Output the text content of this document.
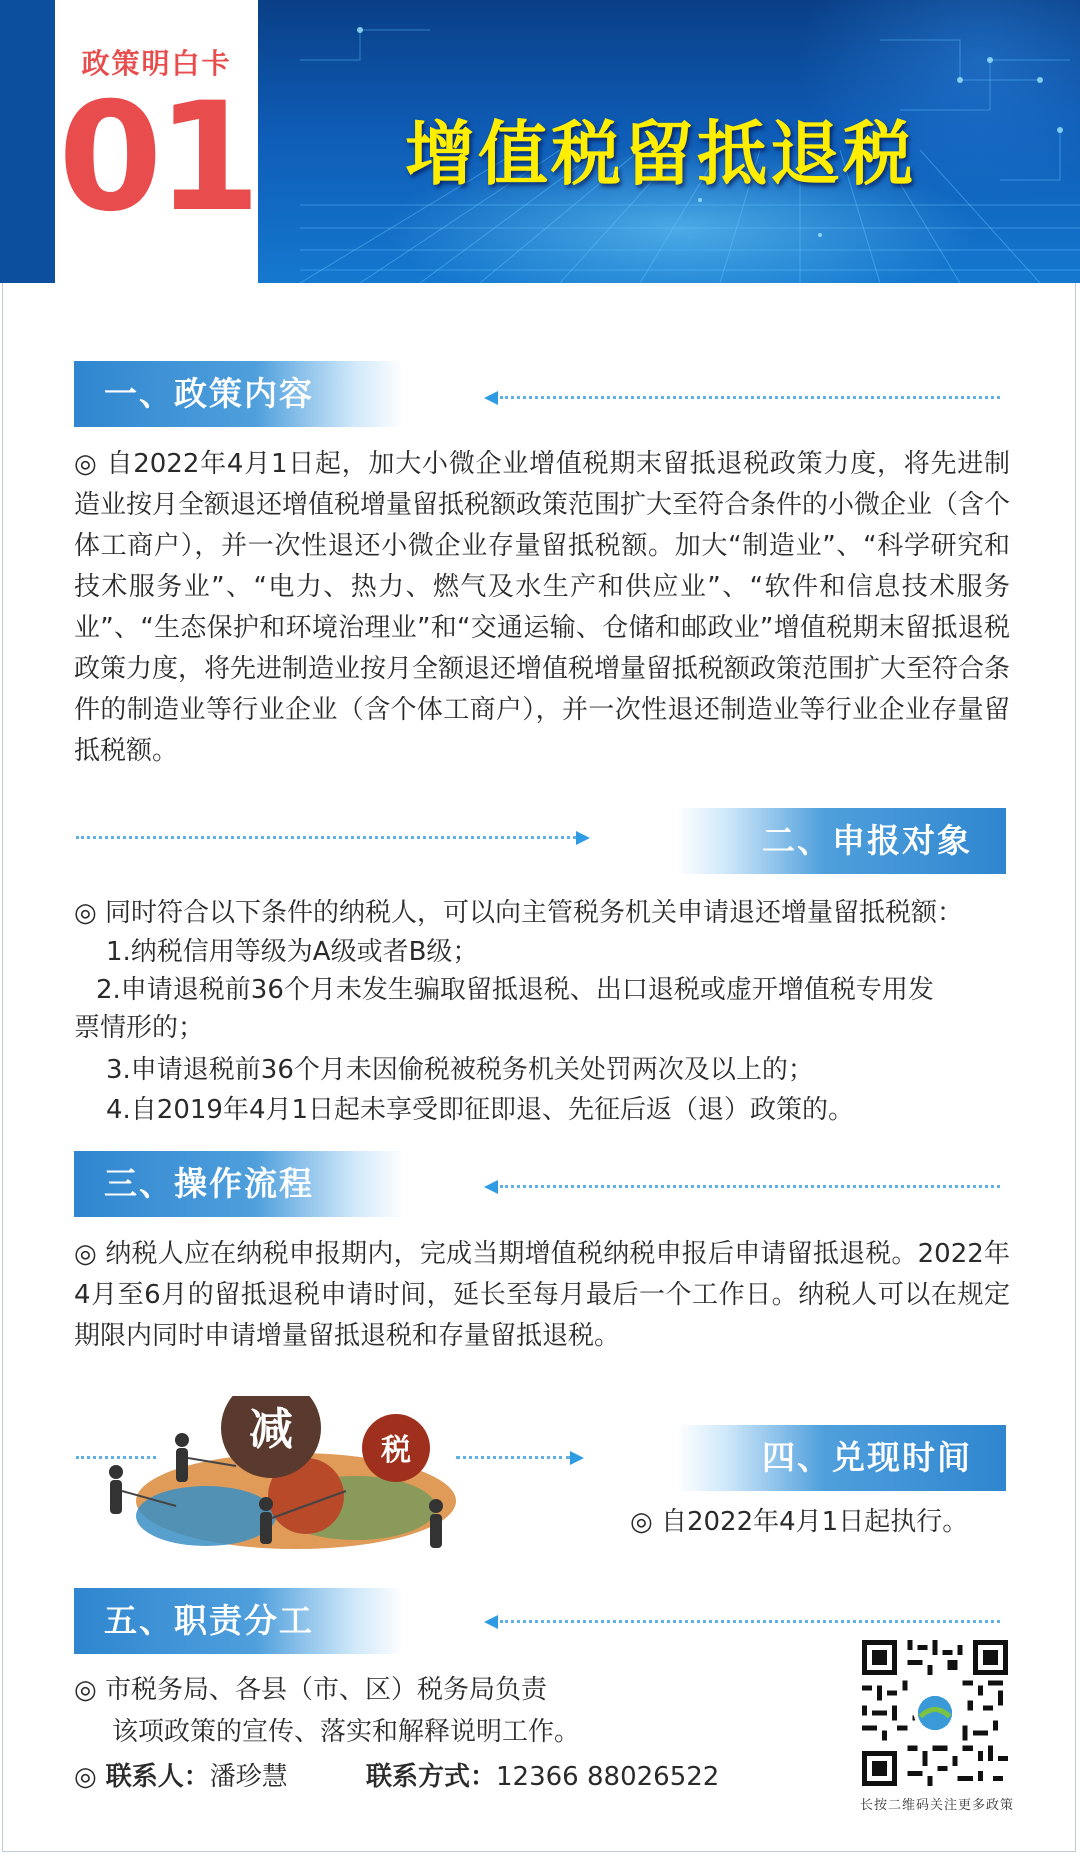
政策明白卡
01 增值税留抵退税
一、政策内容
◎ 自2022年4月1日起，加大小微企业增值税期末留抵退税政策力度，将先进制造业按月全额退还增值税增量留抵税额政策范围扩大至符合条件的小微企业（含个体工商户），并一次性退还小微企业存量留抵税额。加大“制造业”、“科学研究和技术服务业”、“电力、热力、燃气及水生产和供应业”、“软件和信息技术服务业”、“生态保护和环境治理业”和“交通运输、仓储和邮政业”增值税期末留抵退税政策力度，将先进制造业按月全额退还增值税增量留抵税额政策范围扩大至符合条件的制造业等行业企业（含个体工商户），并一次性退还制造业等行业企业存量留抵税额。
二、申报对象
◎ 同时符合以下条件的纳税人，可以向主管税务机关申请退还增量留抵税额：
1.纳税信用等级为A级或者B级；
2.申请退税前36个月未发生骗取留抵退税、出口退税或虚开增值税专用发
票情形的；
3.申请退税前36个月未因偷税被税务机关处罚两次及以上的；
4.自2019年4月1日起未享受即征即退、先征后返（退）政策的。
三、操作流程
◎ 纳税人应在纳税申报期内，完成当期增值税纳税申报后申请留抵退税。2022年4月至6月的留抵退税申请时间，延长至每月最后一个工作日。纳税人可以在规定期限内同时申请增量留抵退税和存量留抵退税。
四、兑现时间
◎ 自2022年4月1日起执行。
减	税
五、职责分工
◎ 市税务局、各县（市、区）税务局负责
该项政策的宣传、落实和解释说明工作。
◎ 联系人：潘珍慧	联系方式：12366 88026522
长按二维码关注更多政策
